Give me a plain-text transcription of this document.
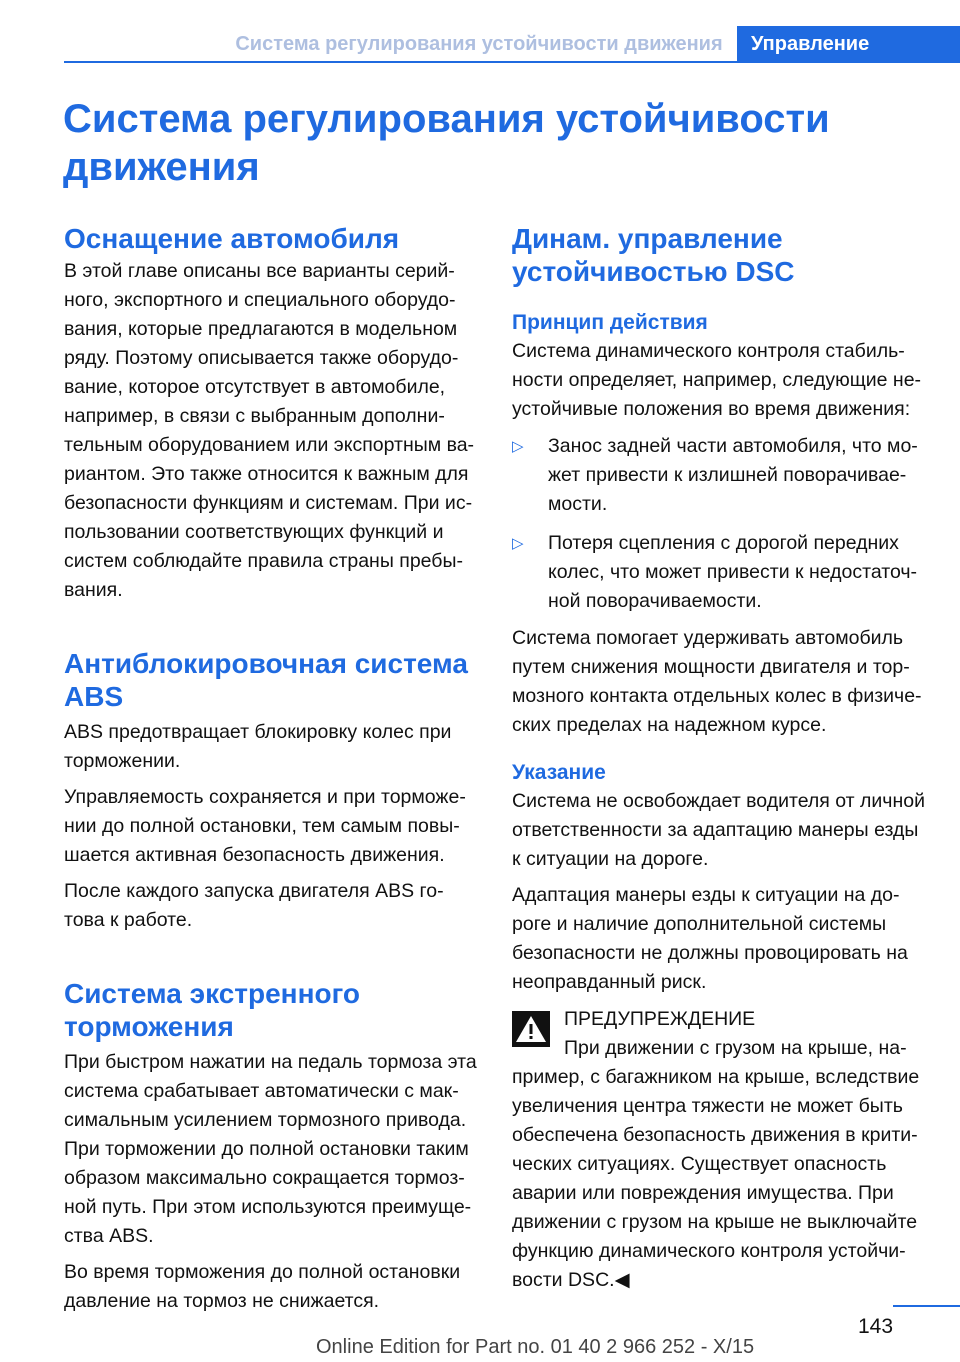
Система регулирования устойчивости движения	Управление
Система регулирования устойчивости движения
Оснащение автомобиля

В этой главе описаны все варианты серий-ного, экспортного и специального оборудо-вания, которые предлагаются в модельном ряду. Поэтому описывается также оборудо-вание, которое отсутствует в автомобиле, например, в связи с выбранным дополни-тельным оборудованием или экспортным ва-риантом. Это также относится к важным для безопасности функциям и системам. При ис-пользовании соответствующих функций и систем соблюдайте правила страны пребы-вания.

Антиблокировочная система ABS

ABS предотвращает блокировку колес при торможении.

Управляемость сохраняется и при торможе-нии до полной остановки, тем самым повы-шается активная безопасность движения.

После каждого запуска двигателя ABS го-това к работе.

Система экстренного торможения

При быстром нажатии на педаль тормоза эта система срабатывает автоматически с мак-симальным усилением тормозного привода. При торможении до полной остановки таким образом максимально сокращается тормоз-ной путь. При этом используются преимуще-ства ABS.

Во время торможения до полной остановки давление на тормоз не снижается.

Динам. управление устойчивостью DSC
Принцип действия

Система динамического контроля стабиль-ности определяет, например, следующие не-устойчивые положения во время движения:

▷ Занос задней части автомобиля, что мо-жет привести к излишней поворачивае-мости.

▷ Потеря сцепления с дорогой передних колес, что может привести к недостаточ-ной поворачиваемости.

Система помогает удерживать автомобиль путем снижения мощности двигателя и тор-мозного контакта отдельных колес в физиче-ских пределах на надежном курсе.

Указание

Система не освобождает водителя от личной ответственности за адаптацию манеры езды к ситуации на дороге.

Адаптация манеры езды к ситуации на до-роге и наличие дополнительной системы безопасности не должны провоцировать на неоправданный риск.

ПРЕДУПРЕЖДЕНИЕ
При движении с грузом на крыше, на-

пример, с багажником на крыше, вследствие увеличения центра тяжести не может быть обеспечена безопасность движения в крити-ческих ситуациях. Существует опасность аварии или повреждения имущества. При движении с грузом на крыше не выключайте функцию динамического контроля устойчи-вости DSC.◀

143
Online Edition for Part no. 01 40 2 966 252 - X/15
